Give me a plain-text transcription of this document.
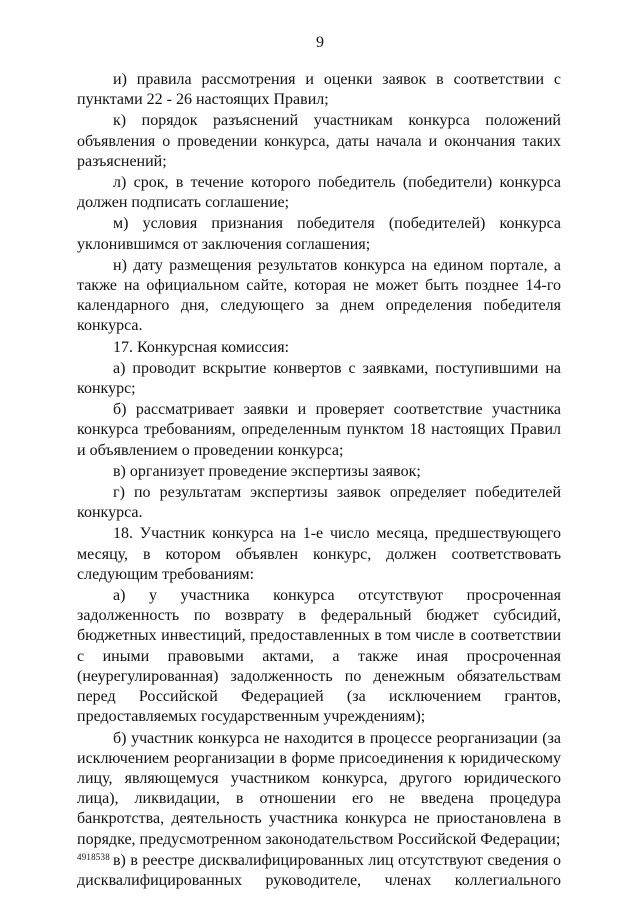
9

и) правила рассмотрения и оценки заявок в соответствии с пунктами 22 - 26 настоящих Правил;

к) порядок разъяснений участникам конкурса положений объявления о проведении конкурса, даты начала и окончания таких разъяснений;

л) срок, в течение которого победитель (победители) конкурса должен подписать соглашение;

м) условия признания победителя (победителей) конкурса уклонившимся от заключения соглашения;

н) дату размещения результатов конкурса на едином портале, а также на официальном сайте, которая не может быть позднее 14-го календарного дня, следующего за днем определения победителя конкурса.

17. Конкурсная комиссия:

а) проводит вскрытие конвертов с заявками, поступившими на конкурс;

б) рассматривает заявки и проверяет соответствие участника конкурса требованиям, определенным пунктом 18 настоящих Правил и объявлением о проведении конкурса;

в) организует проведение экспертизы заявок;

г) по результатам экспертизы заявок определяет победителей конкурса.

18. Участник конкурса на 1-е число месяца, предшествующего месяцу, в котором объявлен конкурс, должен соответствовать следующим требованиям:

а) у участника конкурса отсутствуют просроченная задолженность по возврату в федеральный бюджет субсидий, бюджетных инвестиций, предоставленных в том числе в соответствии с иными правовыми актами, а также иная просроченная (неурегулированная) задолженность по денежным обязательствам перед Российской Федерацией (за исключением грантов, предоставляемых государственным учреждениям);

б) участник конкурса не находится в процессе реорганизации (за исключением реорганизации в форме присоединения к юридическому лицу, являющемуся участником конкурса, другого юридического лица), ликвидации, в отношении его не введена процедура банкротства, деятельность участника конкурса не приостановлена в порядке, предусмотренном законодательством Российской Федерации;

в) в реестре дисквалифицированных лиц отсутствуют сведения о дисквалифицированных руководителе, членах коллегиального

4918538
